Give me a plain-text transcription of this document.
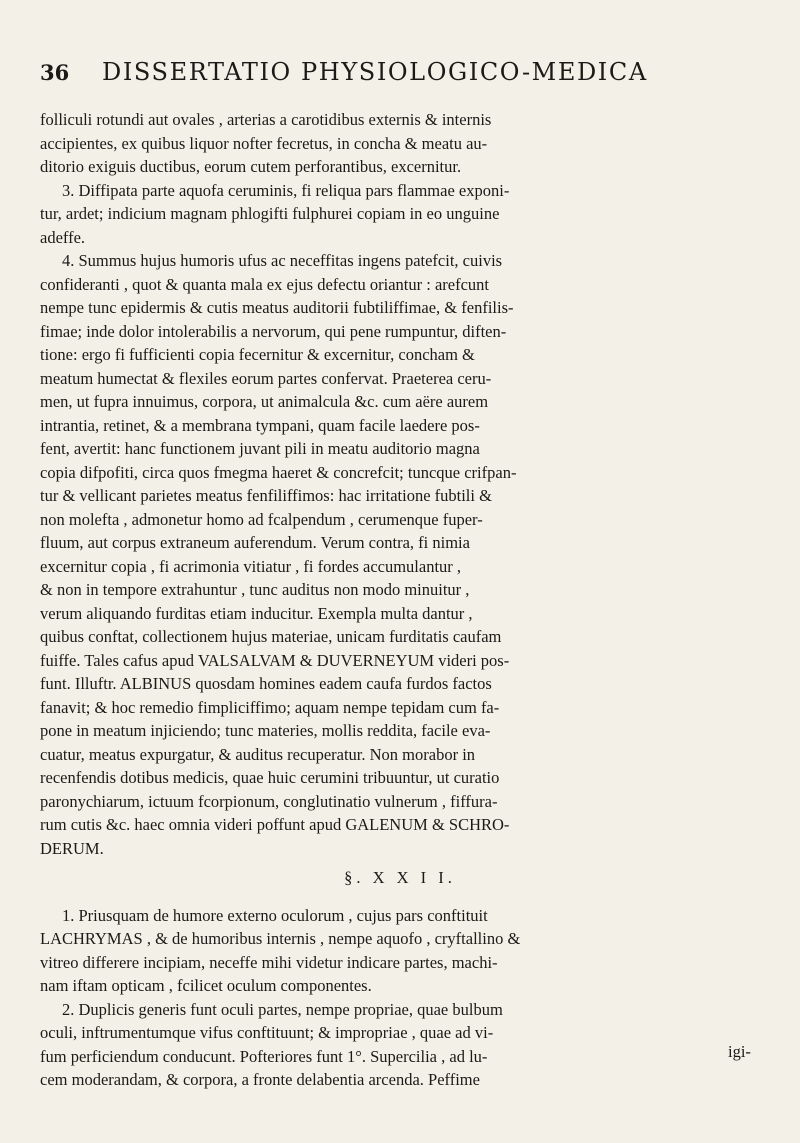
36 DISSERTATIO PHYSIOLOGICO-MEDICA
folliculi rotundi aut ovales , arterias a carotidibus externis & internis
accipientes, ex quibus liquor nofter fecretus, in concha & meatu au-
ditorio exiguis ductibus, eorum cutem perforantibus, excernitur.
3. Diffipata parte aquofa ceruminis, fi reliqua pars flammae exponi-
tur, ardet; indicium magnam phlogifti fulphurei copiam in eo unguine
adeffe.
4. Summus hujus humoris ufus ac neceffitas ingens patefcit, cuivis
confideranti , quot & quanta mala ex ejus defectu oriantur : arefcunt
nempe tunc epidermis & cutis meatus auditorii fubtiliffimae, & fenfilis-
fimae; inde dolor intolerabilis a nervorum, qui pene rumpuntur, diften-
tione: ergo fi fufficienti copia fecernitur & excernitur, concham &
meatum humectat & flexiles eorum partes confervat. Praeterea ceru-
men, ut fupra innuimus, corpora, ut animalcula &c. cum aëre aurem
intrantia, retinet, & a membrana tympani, quam facile laedere pos-
fent, avertit: hanc functionem juvant pili in meatu auditorio magna
copia difpofiti, circa quos fmegma haeret & concrefcit; tuncque crifpan-
tur & vellicant parietes meatus fenfiliffimos: hac irritatione fubtili &
non molefta , admonetur homo ad fcalpendum , cerumenque fuper-
fluum, aut corpus extraneum auferendum. Verum contra, fi nimia
excernitur copia , fi acrimonia vitiatur , fi fordes accumulantur ,
& non in tempore extrahuntur , tunc auditus non modo minuitur ,
verum aliquando furditas etiam inducitur. Exempla multa dantur ,
quibus conftat, collectionem hujus materiae, unicam furditatis caufam
fuiffe. Tales cafus apud VALSALVAM & DUVERNEYUM videri pos-
funt. Illuftr. ALBINUS quosdam homines eadem caufa furdos factos
fanavit; & hoc remedio fimpliciffimo; aquam nempe tepidam cum fa-
pone in meatum injiciendo; tunc materies, mollis reddita, facile eva-
cuatur, meatus expurgatur, & auditus recuperatur. Non morabor in
recenfendis dotibus medicis, quae huic cerumini tribuuntur, ut curatio
paronychiarum, ictuum fcorpionum, conglutinatio vulnerum , fiffura-
rum cutis &c. haec omnia videri poffunt apud GALENUM & SCHRO-
DERUM.
§. X X I I.
1. Priusquam de humore externo oculorum , cujus pars conftituit
LACHRYMAS , & de humoribus internis , nempe aquofo , cryftallino &
vitreo differere incipiam, neceffe mihi videtur indicare partes, machi-
nam iftam opticam , fcilicet oculum componentes.
2. Duplicis generis funt oculi partes, nempe propriae, quae bulbum
oculi, inftrumentumque vifus conftituunt; & impropriae , quae ad vi-
fum perficiendum conducunt. Pofteriores funt 1°. Supercilia , ad lu-
cem moderandam, & corpora, a fronte delabentia arcenda. Peffime
igi-
